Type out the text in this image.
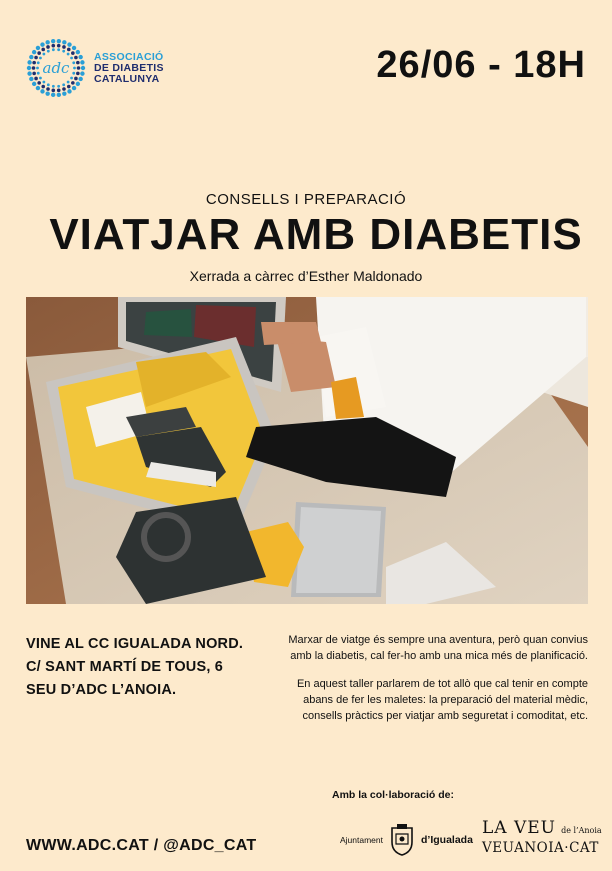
adc
ASSOCIACIÓ
DE DIABETIS
CATALUNYA	26/06 - 18H
CONSELLS I PREPARACIÓ
VIATJAR AMB DIABETIS
Xerrada a càrrec d’Esther Maldonado
VINE AL CC IGUALADA NORD.
C/ SANT MARTÍ DE TOUS, 6
SEU D’ADC L’ANOIA.

Marxar de viatge és sempre una aventura, però quan convius amb la diabetis, cal fer-ho amb una mica més de planificació.

En aquest taller parlarem de tot allò que cal tenir en compte abans de fer les maletes: la preparació del material mèdic, consells pràctics per viatjar amb seguretat i comoditat, etc.

Amb la col·laboració de:
Ajuntament	d’Igualada
LA VEU de l’Anoia
VEUANOIA·CAT
WWW.ADC.CAT / @ADC_CAT
